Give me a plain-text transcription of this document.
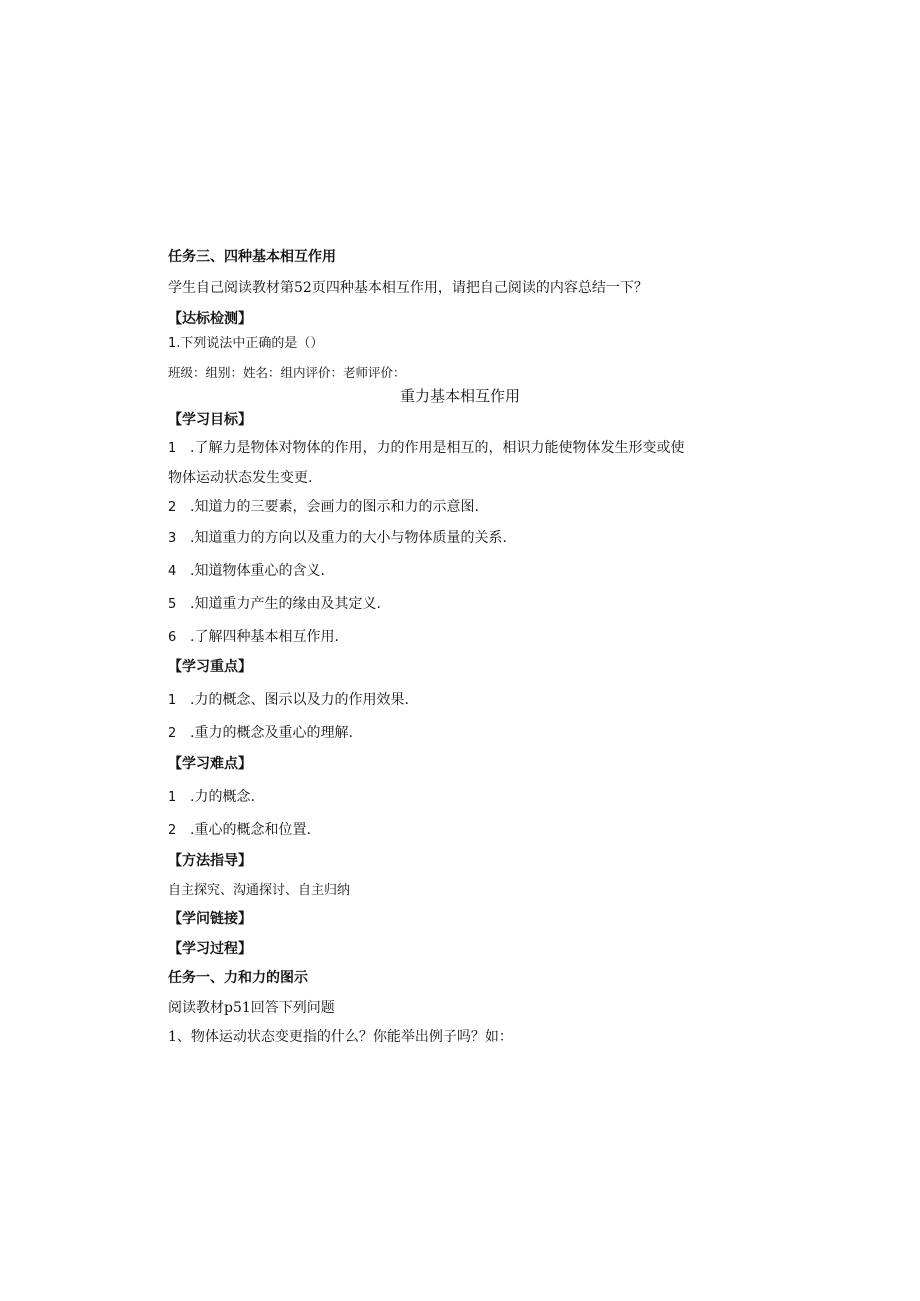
任务三、四种基本相互作用
学生自己阅读教材第52页四种基本相互作用，请把自己阅读的内容总结一下？
【达标检测】
1.下列说法中正确的是（）
班级：组别：姓名：组内评价：老师评价：
重力基本相互作用
【学习目标】
1 .了解力是物体对物体的作用，力的作用是相互的，相识力能使物体发生形变或使
物体运动状态发生变更.
2 .知道力的三要素，会画力的图示和力的示意图.
3 .知道重力的方向以及重力的大小与物体质量的关系.
4 .知道物体重心的含义.
5 .知道重力产生的缘由及其定义.
6 .了解四种基本相互作用.
【学习重点】
1 .力的概念、图示以及力的作用效果.
2 .重力的概念及重心的理解.
【学习难点】
1 .力的概念.
2 .重心的概念和位置.
【方法指导】
自主探究、沟通探讨、自主归纳
【学问链接】
【学习过程】
任务一、力和力的图示
阅读教材p51回答下列问题
1、物体运动状态变更指的什么？你能举出例子吗？如：
